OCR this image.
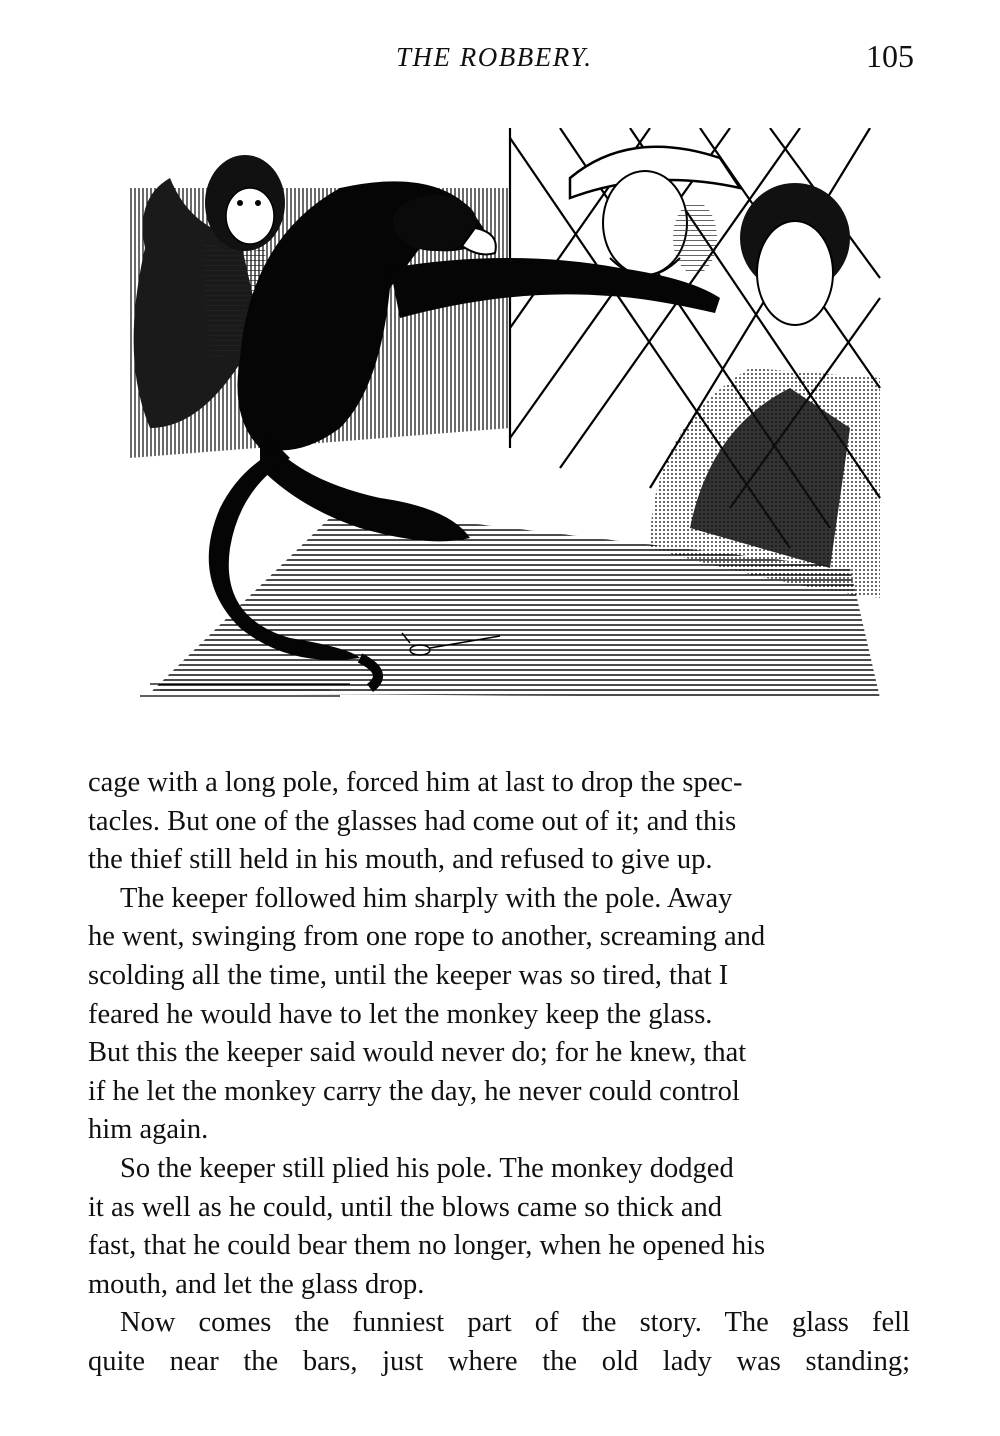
THE ROBBERY.	105

cage with a long pole, forced him at last to drop the spec-
tacles. But one of the glasses had come out of it; and this
the thief still held in his mouth, and refused to give up.

The keeper followed him sharply with the pole. Away
he went, swinging from one rope to another, screaming and
scolding all the time, until the keeper was so tired, that I
feared he would have to let the monkey keep the glass.
But this the keeper said would never do; for he knew, that
if he let the monkey carry the day, he never could control
him again.

So the keeper still plied his pole. The monkey dodged
it as well as he could, until the blows came so thick and
fast, that he could bear them no longer, when he opened his
mouth, and let the glass drop.

Now comes the funniest part of the story. The glass fell
quite near the bars, just where the old lady was standing;
